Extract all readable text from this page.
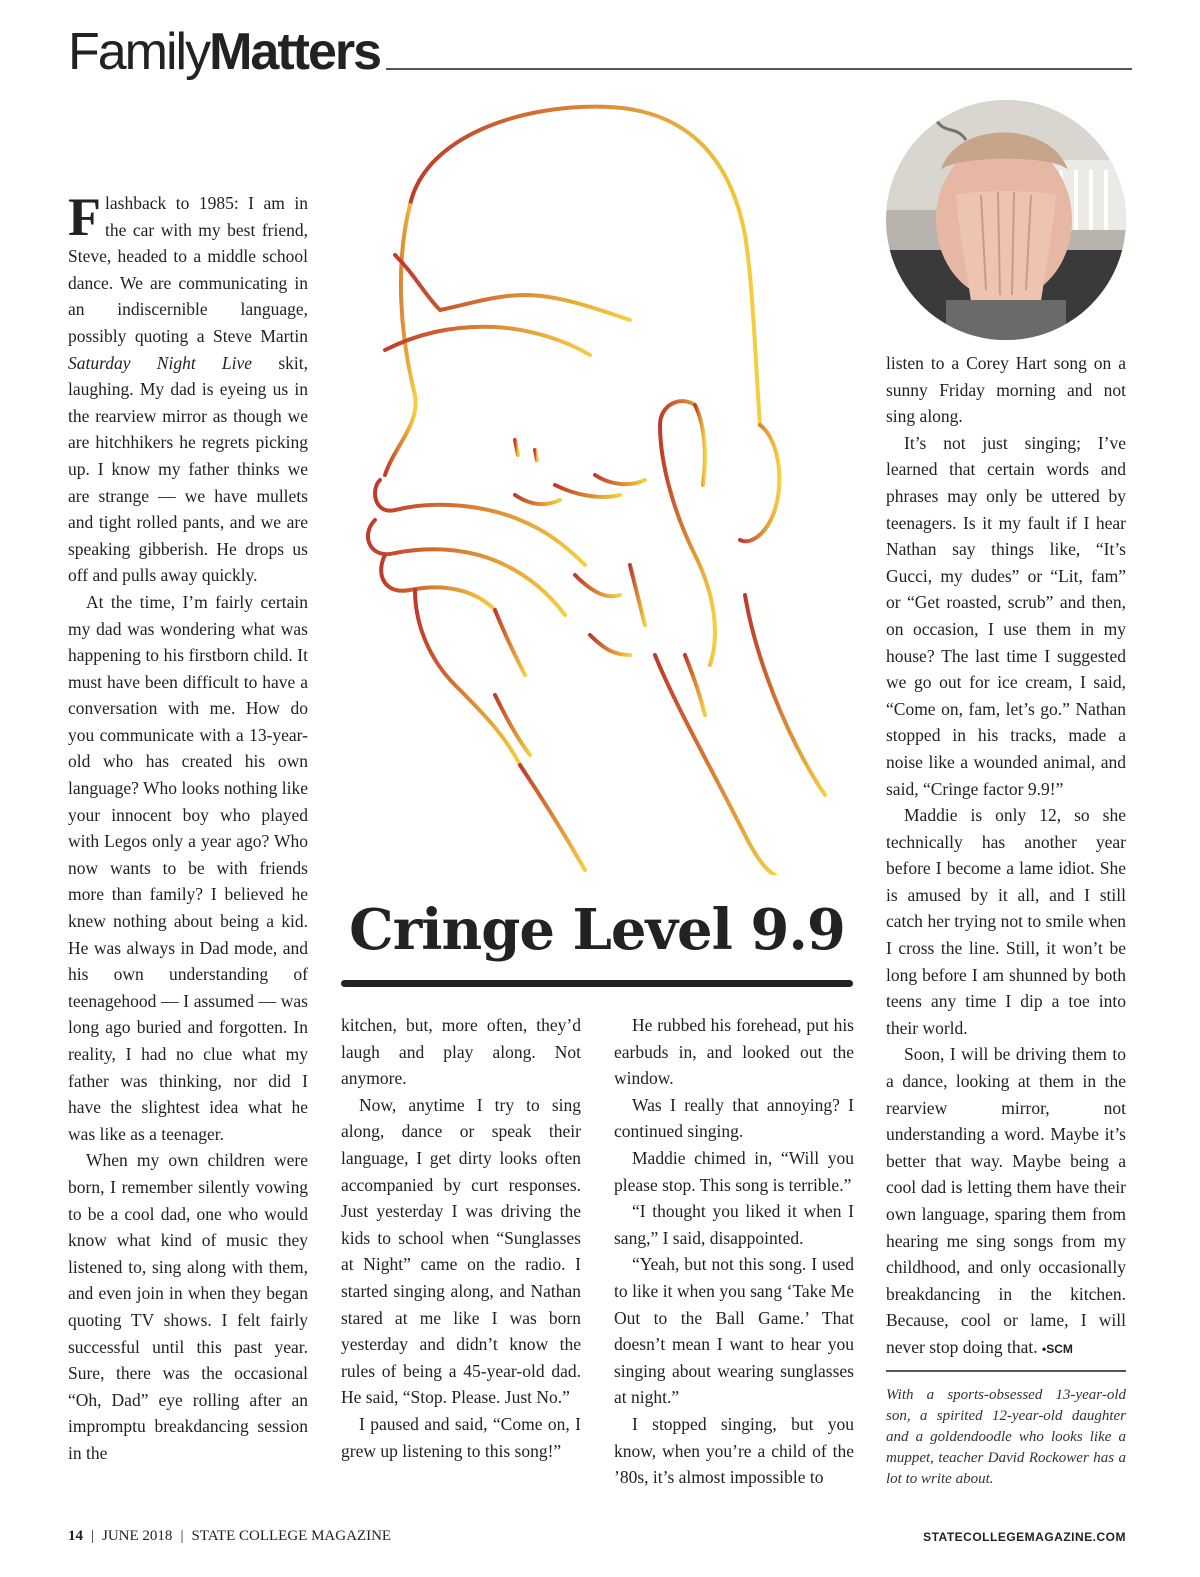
FamilyMatters
Cringe Level 9.9

Flashback to 1985: I am in the car with my best friend, Steve, headed to a middle school dance. We are communicating in an indiscernible language, possibly quoting a Steve Martin Saturday Night Live skit, laughing. My dad is eyeing us in the rearview mirror as though we are hitchhikers he regrets picking up. I know my father thinks we are strange — we have mullets and tight rolled pants, and we are speaking gibberish. He drops us off and pulls away quickly.

At the time, I’m fairly certain my dad was wondering what was happening to his firstborn child. It must have been difficult to have a conversation with me. How do you communicate with a 13-year-old who has created his own language? Who looks nothing like your innocent boy who played with Legos only a year ago? Who now wants to be with friends more than family? I believed he knew nothing about being a kid. He was always in Dad mode, and his own understanding of teenagehood — I assumed — was long ago buried and forgotten. In reality, I had no clue what my father was thinking, nor did I have the slightest idea what he was like as a teenager.

When my own children were born, I remember silently vowing to be a cool dad, one who would know what kind of music they listened to, sing along with them, and even join in when they began quoting TV shows. I felt fairly successful until this past year. Sure, there was the occasional “Oh, Dad” eye rolling after an impromptu breakdancing session in the

kitchen, but, more often, they’d laugh and play along. Not anymore.

Now, anytime I try to sing along, dance or speak their language, I get dirty looks often accompanied by curt responses. Just yesterday I was driving the kids to school when “Sunglasses at Night” came on the radio. I started singing along, and Nathan stared at me like I was born yesterday and didn’t know the rules of being a 45-year-old dad. He said, “Stop. Please. Just No.”

I paused and said, “Come on, I grew up listening to this song!”

He rubbed his forehead, put his earbuds in, and looked out the window.

Was I really that annoying? I continued singing.

Maddie chimed in, “Will you please stop. This song is terrible.”

“I thought you liked it when I sang,” I said, disappointed.

“Yeah, but not this song. I used to like it when you sang ‘Take Me Out to the Ball Game.’ That doesn’t mean I want to hear you singing about wearing sunglasses at night.”

I stopped singing, but you know, when you’re a child of the ’80s, it’s almost impossible to

listen to a Corey Hart song on a sunny Friday morning and not sing along.

It’s not just singing; I’ve learned that certain words and phrases may only be uttered by teenagers. Is it my fault if I hear Nathan say things like, “It’s Gucci, my dudes” or “Lit, fam” or “Get roasted, scrub” and then, on occasion, I use them in my house? The last time I suggested we go out for ice cream, I said, “Come on, fam, let’s go.” Nathan stopped in his tracks, made a noise like a wounded animal, and said, “Cringe factor 9.9!”

Maddie is only 12, so she technically has another year before I become a lame idiot. She is amused by it all, and I still catch her trying not to smile when I cross the line. Still, it won’t be long before I am shunned by both teens any time I dip a toe into their world.

Soon, I will be driving them to a dance, looking at them in the rearview mirror, not understanding a word. Maybe it’s better that way. Maybe being a cool dad is letting them have their own language, sparing them from hearing me sing songs from my childhood, and only occasionally breakdancing in the kitchen. Because, cool or lame, I will never stop doing that. •SCM

With a sports-obsessed 13-year-old son, a spirited 12-year-old daughter and a goldendoodle who looks like a muppet, teacher David Rockower has a lot to write about.
14 | JUNE 2018 | STATE COLLEGE MAGAZINE	STATECOLLEGEMAGAZINE.COM
